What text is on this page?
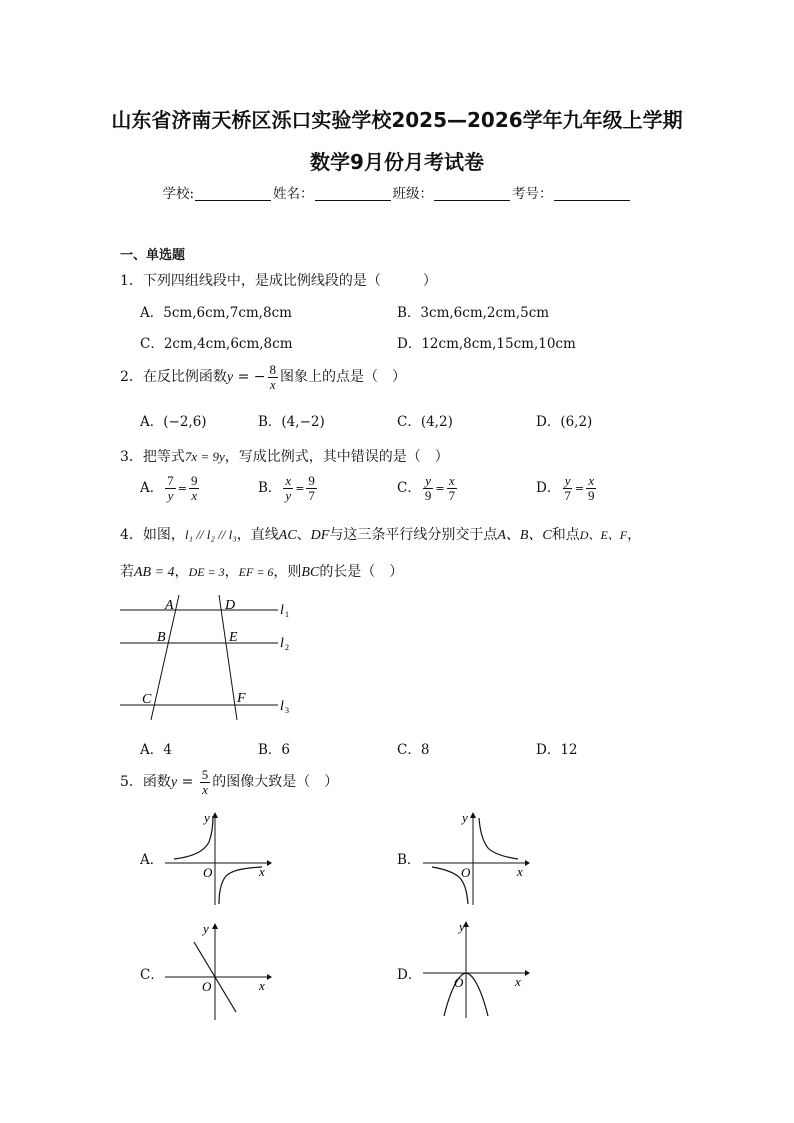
山东省济南天桥区泺口实验学校2025—2026学年九年级上学期
数学9月份月考试卷
学校:	姓名：	班级：	考号：
一、单选题
1．下列四组线段中，是成比例线段的是（　　　）
A．5cm,6cm,7cm,8cm	B．3cm,6cm,2cm,5cm
C．2cm,4cm,6cm,8cm	D．12cm,8cm,15cm,10cm
2．在反比例函数y = − $\frac{8}{x}$ 图象上的点是（　）
A．(−2,6)	B．(4,−2)	C．(4,2)	D．(6,2)
3．把等式7x = 9y，写成比例式，其中错误的是（　）
A． $\frac{7}{y} = \frac{9}{x}$	B． $\frac{x}{y} = \frac{9}{7}$	C． $\frac{y}{9} = \frac{x}{7}$	D． $\frac{y}{7} = \frac{x}{9}$
4．如图，l₁ // l₂ // l₃，直线AC、DF与这三条平行线分别交于点A、B、C和点D、E、F，
若AB = 4，DE = 3，EF = 6，则BC的长是（　）
A
B
C
D
E
F
l 1
l 2
l 3
A．4	B．6	C．8	D．12
5．函数$y = \frac{5}{x}$ 的图像大致是（　）
A．
O	x
y
B．
O	x
y
C．
O	x
y
D．	O	x
y
